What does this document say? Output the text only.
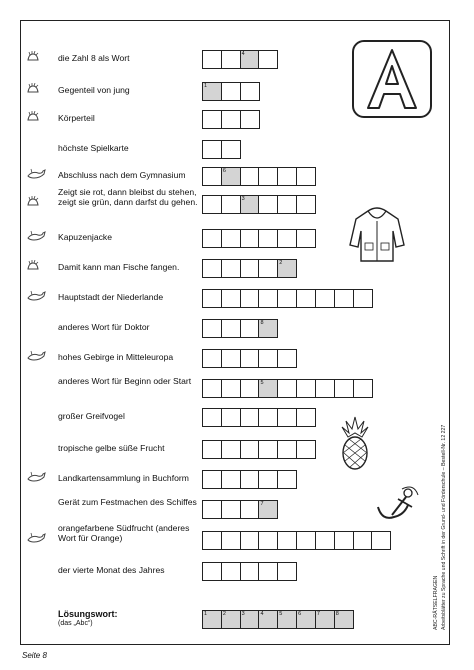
die Zahl 8 als Wort	4
Gegenteil von jung	1
Körperteil
höchste Spielkarte
Abschluss nach dem Gymnasium	6
Zeigt sie rot, dann bleibst du stehen, zeigt sie grün, dann darfst du gehen.	3
Kapuzenjacke
Damit kann man Fische fangen.	2
Hauptstadt der Niederlande
anderes Wort für Doktor	8
hohes Gebirge in Mitteleuropa
anderes Wort für Beginn oder Start	5
großer Greifvogel
tropische gelbe süße Frucht
Landkartensammlung in Buchform
Gerät zum Festmachen des Schiffes	7
orangefarbene Südfrucht (anderes Wort für Orange)
der vierte Monat des Jahres
Lösungswort:
(das „Abc“)
1	2	3	4	5	6	7	8	ABC-RÄTSELFRAGEN Arbeitsblätter zu Sprache und Schrift in der Grund- und Förderschule – Bestell-Nr. 12 227
Seite 8
